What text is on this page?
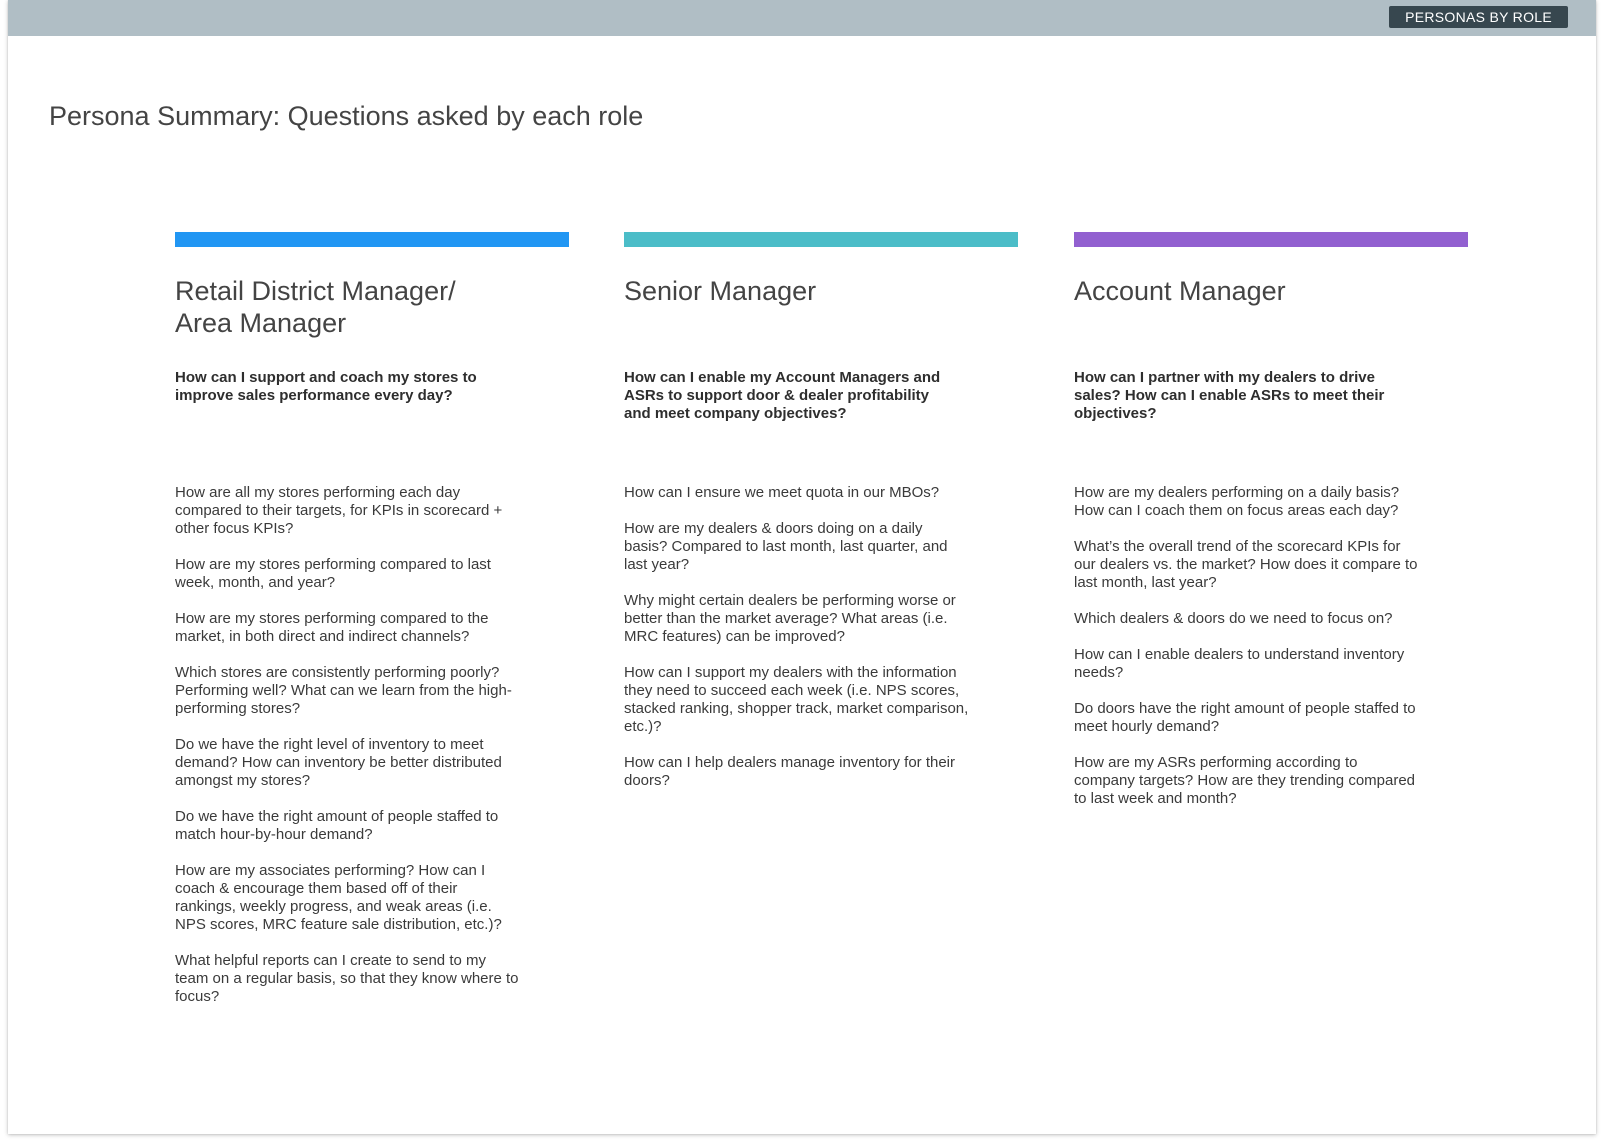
PERSONAS BY ROLE
Persona Summary: Questions asked by each role
Retail District Manager/
Area Manager

How can I support and coach my stores to improve sales performance every day?

How are all my stores performing each day compared to their targets, for KPIs in scorecard + other focus KPIs?
How are my stores performing compared to last week, month, and year?
How are my stores performing compared to the market, in both direct and indirect channels?
Which stores are consistently performing poorly? Performing well? What can we learn from the high-performing stores?
Do we have the right level of inventory to meet demand? How can inventory be better distributed amongst my stores?
Do we have the right amount of people staffed to match hour-by-hour demand?
How are my associates performing? How can I coach & encourage them based off of their rankings, weekly progress, and weak areas (i.e. NPS scores, MRC feature sale distribution, etc.)?
What helpful reports can I create to send to my team on a regular basis, so that they know where to focus?
Senior Manager

How can I enable my Account Managers and ASRs to support door & dealer profitability and meet company objectives?

How can I ensure we meet quota in our MBOs?
How are my dealers & doors doing on a daily basis? Compared to last month, last quarter, and last year?
Why might certain dealers be performing worse or better than the market average? What areas (i.e. MRC features) can be improved?
How can I support my dealers with the information they need to succeed each week (i.e. NPS scores, stacked ranking, shopper track, market comparison, etc.)?
How can I help dealers manage inventory for their doors?
Account Manager

How can I partner with my dealers to drive sales? How can I enable ASRs to meet their objectives?

How are my dealers performing on a daily basis? How can I coach them on focus areas each day?
What’s the overall trend of the scorecard KPIs for our dealers vs. the market? How does it compare to last month, last year?
Which dealers & doors do we need to focus on?
How can I enable dealers to understand inventory needs?
Do doors have the right amount of people staffed to meet hourly demand?
How are my ASRs performing according to company targets? How are they trending compared to last week and month?
